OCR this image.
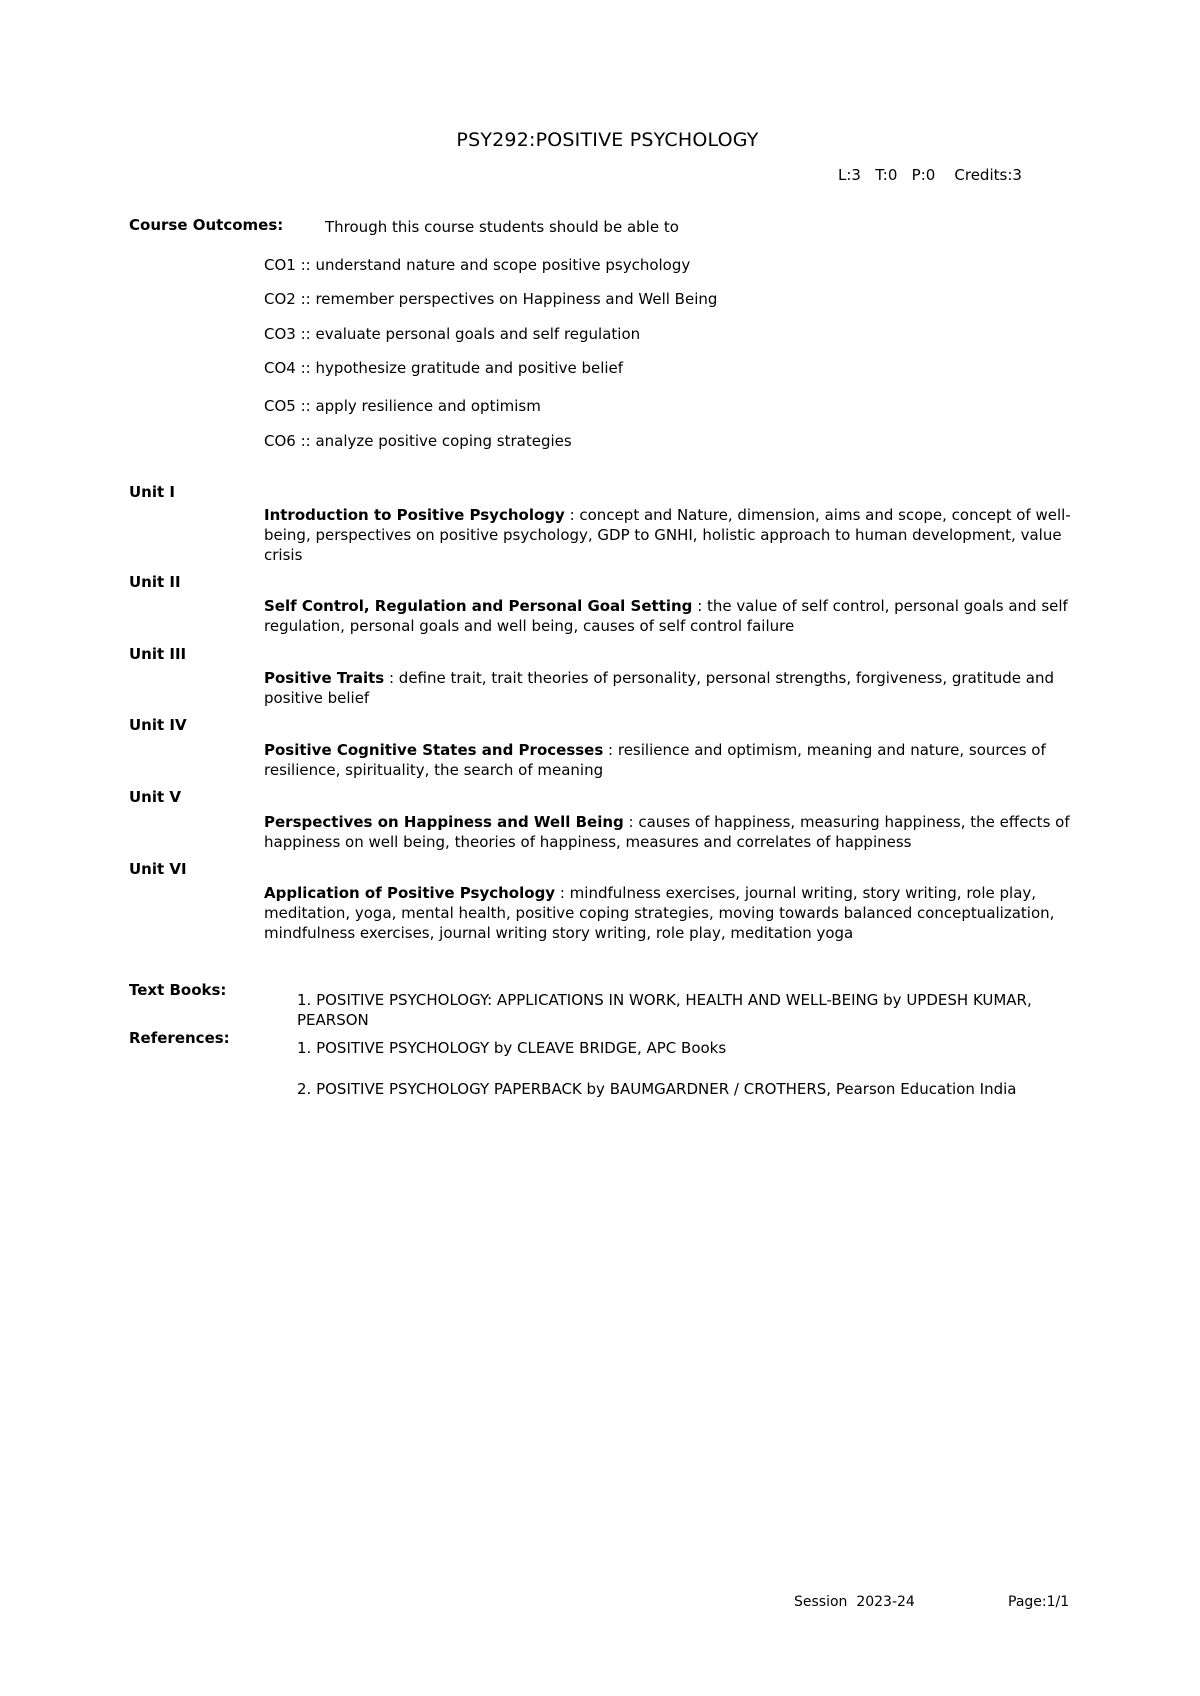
PSY292:POSITIVE PSYCHOLOGY
L:3   T:0   P:0    Credits:3
Course Outcomes:	Through this course students should be able to
CO1 :: understand nature and scope positive psychology
CO2 :: remember perspectives on Happiness and Well Being
CO3 :: evaluate personal goals and self regulation
CO4 :: hypothesize gratitude and positive belief
CO5 :: apply resilience and optimism
CO6 :: analyze positive coping strategies
Unit I
Introduction to Positive Psychology : concept and Nature, dimension, aims and scope, concept of well-being, perspectives on positive psychology, GDP to GNHI, holistic approach to human development, value crisis
Unit II
Self Control, Regulation and Personal Goal Setting : the value of self control, personal goals and self regulation, personal goals and well being, causes of self control failure
Unit III
Positive Traits : define trait, trait theories of personality, personal strengths, forgiveness, gratitude and positive belief
Unit IV
Positive Cognitive States and Processes : resilience and optimism, meaning and nature, sources of resilience, spirituality, the search of meaning
Unit V
Perspectives on Happiness and Well Being : causes of happiness, measuring happiness, the effects of happiness on well being, theories of happiness, measures and correlates of happiness
Unit VI
Application of Positive Psychology : mindfulness exercises, journal writing, story writing, role play, meditation, yoga, mental health, positive coping strategies, moving towards balanced conceptualization, mindfulness exercises, journal writing story writing, role play, meditation yoga
Text Books:
1. POSITIVE PSYCHOLOGY: APPLICATIONS IN WORK, HEALTH AND WELL-BEING by UPDESH KUMAR, PEARSON
References:
1. POSITIVE PSYCHOLOGY by CLEAVE BRIDGE, APC Books
2. POSITIVE PSYCHOLOGY PAPERBACK by BAUMGARDNER / CROTHERS, Pearson Education India
Session  2023-24	Page:1/1
